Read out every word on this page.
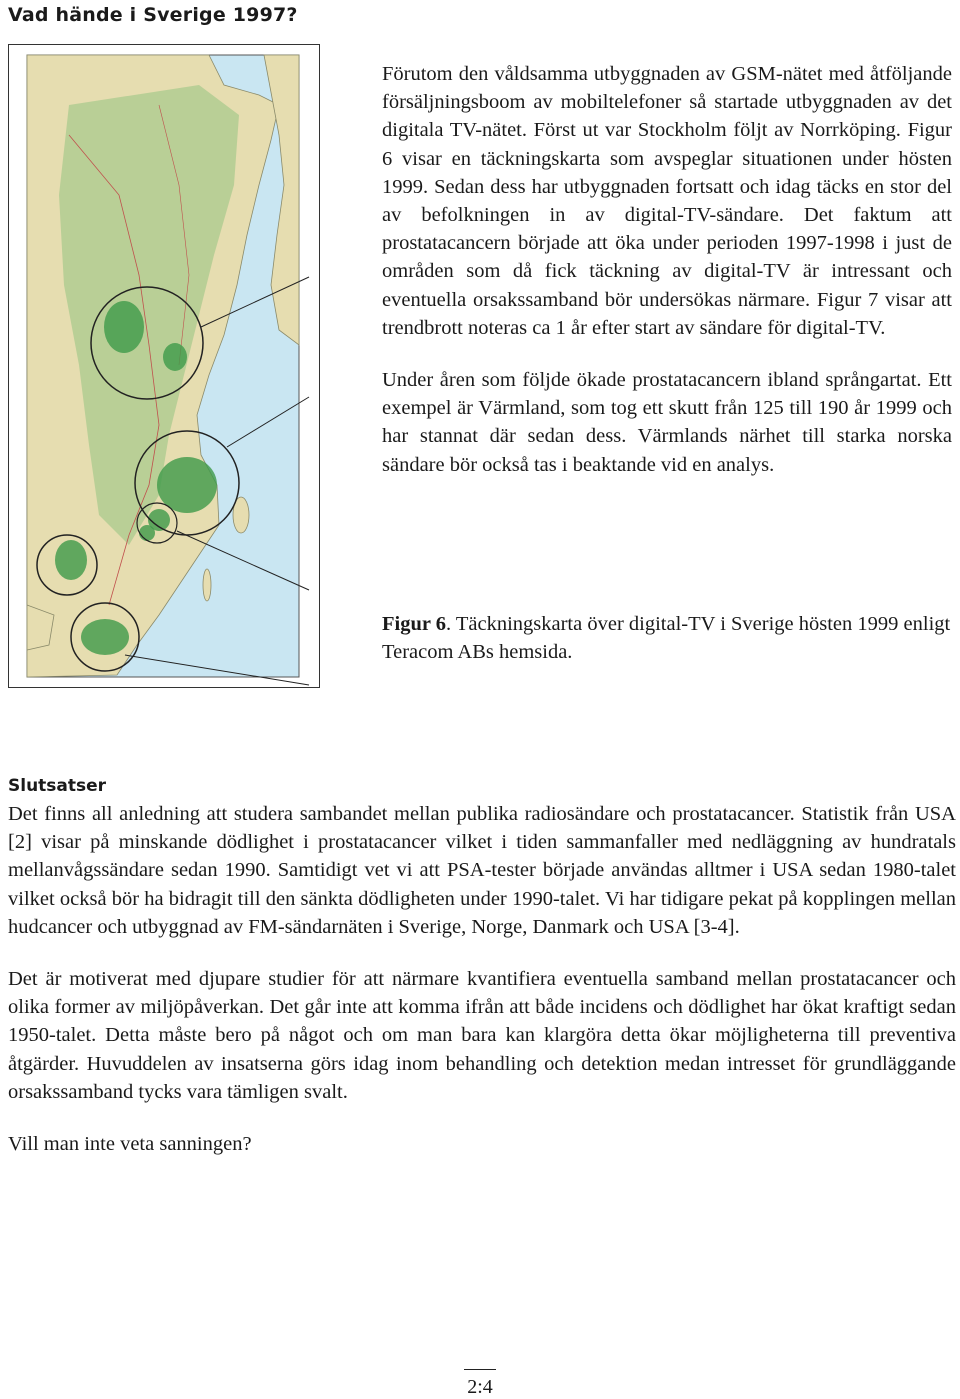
Vad hände i Sverige 1997?

Förutom den våldsamma utbyggnaden av GSM-nätet med åtföljande försäljningsboom av mobiltelefoner så startade utbyggnaden av det digitala TV-nätet. Först ut var Stockholm följt av Norrköping. Figur 6 visar en täckningskarta som avspeglar situationen under hösten 1999. Sedan dess har utbyggnaden fortsatt och idag täcks en stor del av befolkningen in av digital-TV-sändare. Det faktum att prostatacancern började att öka under perioden 1997-1998 i just de områden som då fick täckning av digital-TV är intressant och eventuella orsakssamband bör undersökas närmare. Figur 7 visar att trendbrott noteras ca 1 år efter start av sändare för digital-TV.

Under åren som följde ökade prostatacancern ibland språngartat. Ett exempel är Värmland, som tog ett skutt från 125 till 190 år 1999 och har stannat där sedan dess. Värmlands närhet till starka norska sändare bör också tas i beaktande vid en analys.

Figur 6. Täckningskarta över digital-TV i Sverige hösten 1999 enligt Teracom ABs hemsida.
Slutsatser

Det finns all anledning att studera sambandet mellan publika radiosändare och prostatacancer. Statistik från USA [2] visar på minskande dödlighet i prostatacancer vilket i tiden sammanfaller med nedläggning av hundratals mellanvågssändare sedan 1990. Samtidigt vet vi att PSA-tester började användas alltmer i USA sedan 1980-talet vilket också bör ha bidragit till den sänkta dödligheten under 1990-talet. Vi har tidigare pekat på kopplingen mellan hudcancer och utbyggnad av FM-sändarnäten i Sverige, Norge, Danmark och USA [3-4].

Det är motiverat med djupare studier för att närmare kvantifiera eventuella samband mellan prostatacancer och olika former av miljöpåverkan. Det går inte att komma ifrån att både incidens och dödlighet har ökat kraftigt sedan 1950-talet. Detta måste bero på något och om man bara kan klargöra detta ökar möjligheterna till preventiva åtgärder. Huvuddelen av insatserna görs idag inom behandling och detektion medan intresset för grundläggande orsakssamband tycks vara tämligen svalt.

Vill man inte veta sanningen?

2:4
